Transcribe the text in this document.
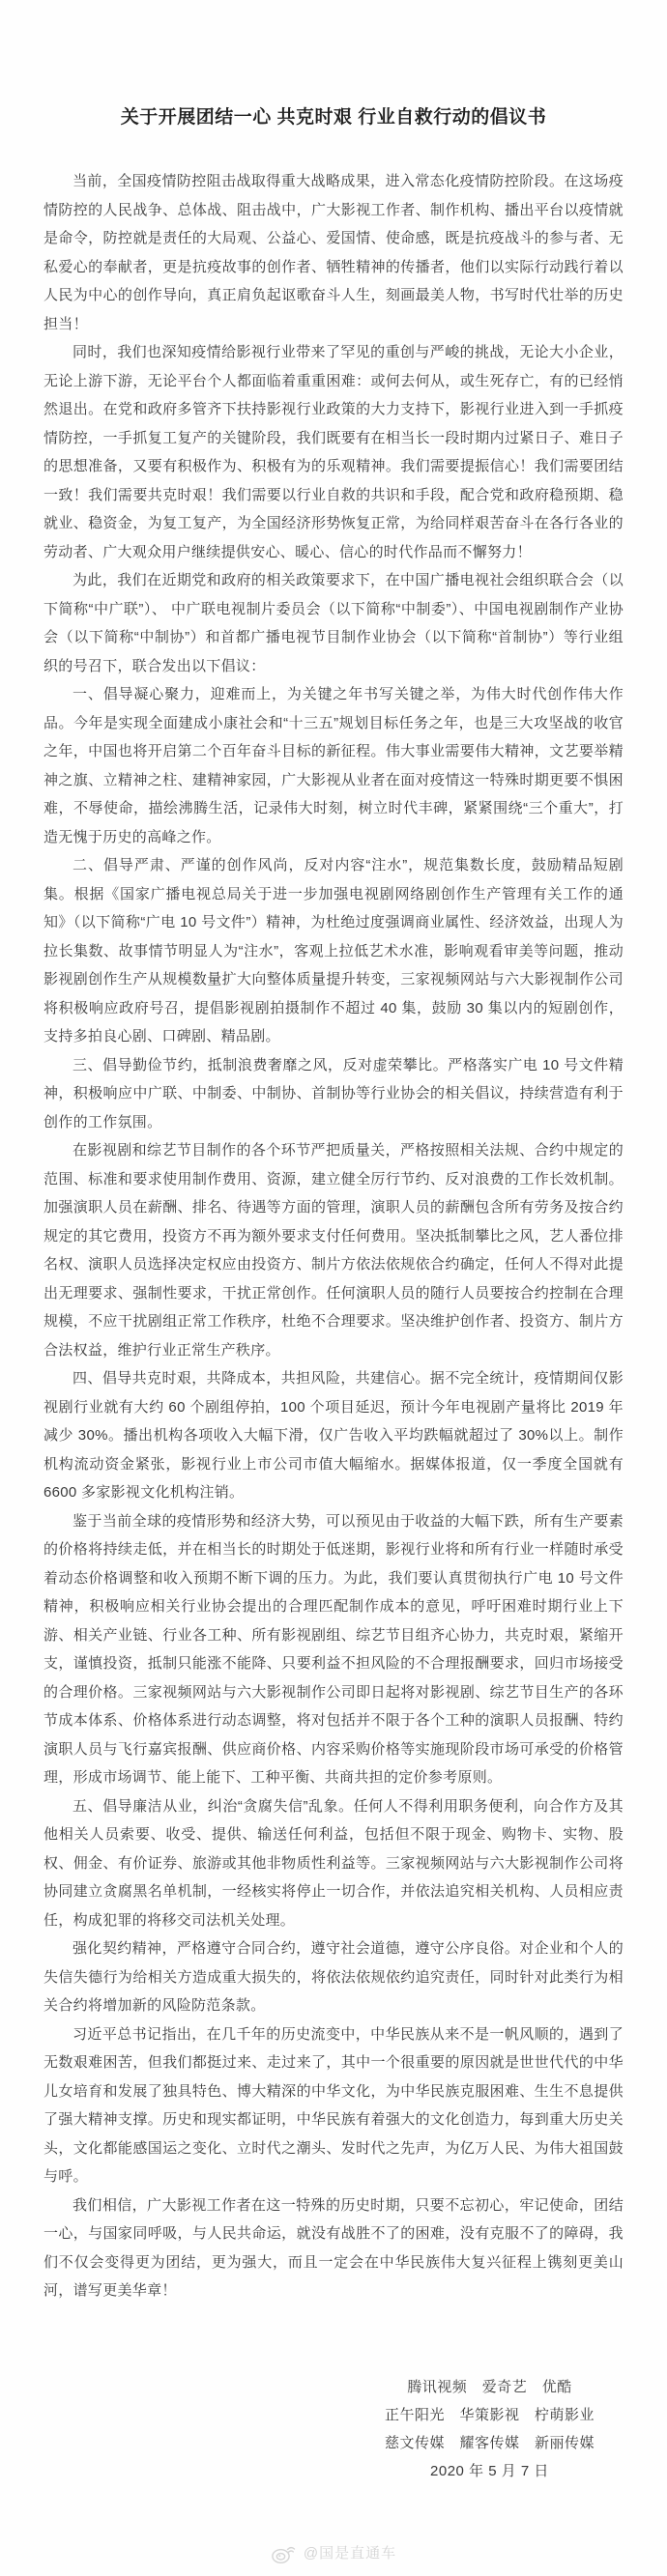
关于开展团结一心 共克时艰 行业自救行动的倡议书

当前，全国疫情防控阻击战取得重大战略成果，进入常态化疫情防控阶段。在这场疫情防控的人民战争、总体战、阻击战中，广大影视工作者、制作机构、播出平台以疫情就是命令，防控就是责任的大局观、公益心、爱国情、使命感，既是抗疫战斗的参与者、无私爱心的奉献者，更是抗疫故事的创作者、牺牲精神的传播者，他们以实际行动践行着以人民为中心的创作导向，真正肩负起讴歌奋斗人生，刻画最美人物，书写时代壮举的历史担当！

同时，我们也深知疫情给影视行业带来了罕见的重创与严峻的挑战，无论大小企业，无论上游下游，无论平台个人都面临着重重困难：或何去何从，或生死存亡，有的已经悄然退出。在党和政府多管齐下扶持影视行业政策的大力支持下，影视行业进入到一手抓疫情防控，一手抓复工复产的关键阶段，我们既要有在相当长一段时期内过紧日子、难日子的思想准备，又要有积极作为、积极有为的乐观精神。我们需要提振信心！我们需要团结一致！我们需要共克时艰！我们需要以行业自救的共识和手段，配合党和政府稳预期、稳就业、稳资金，为复工复产，为全国经济形势恢复正常，为给同样艰苦奋斗在各行各业的劳动者、广大观众用户继续提供安心、暖心、信心的时代作品而不懈努力！

为此，我们在近期党和政府的相关政策要求下，在中国广播电视社会组织联合会（以下简称“中广联”）、 中广联电视制片委员会（以下简称“中制委”）、中国电视剧制作产业协会（以下简称“中制协”）和首都广播电视节目制作业协会（以下简称“首制协”）等行业组织的号召下，联合发出以下倡议：

一、倡导凝心聚力，迎难而上，为关键之年书写关键之举，为伟大时代创作伟大作品。今年是实现全面建成小康社会和“十三五”规划目标任务之年，也是三大攻坚战的收官之年，中国也将开启第二个百年奋斗目标的新征程。伟大事业需要伟大精神，文艺要举精神之旗、立精神之柱、建精神家园，广大影视从业者在面对疫情这一特殊时期更要不惧困难，不辱使命，描绘沸腾生活，记录伟大时刻，树立时代丰碑，紧紧围绕“三个重大”，打造无愧于历史的高峰之作。

二、倡导严肃、严谨的创作风尚，反对内容“注水”，规范集数长度，鼓励精品短剧集。根据《国家广播电视总局关于进一步加强电视剧网络剧创作生产管理有关工作的通知》（以下简称“广电 10 号文件”）精神，为杜绝过度强调商业属性、经济效益，出现人为拉长集数、故事情节明显人为“注水”，客观上拉低艺术水准，影响观看审美等问题，推动影视剧创作生产从规模数量扩大向整体质量提升转变，三家视频网站与六大影视制作公司将积极响应政府号召，提倡影视剧拍摄制作不超过 40 集，鼓励 30 集以内的短剧创作，支持多拍良心剧、口碑剧、精品剧。

三、倡导勤俭节约，抵制浪费奢靡之风，反对虚荣攀比。严格落实广电 10 号文件精神，积极响应中广联、中制委、中制协、首制协等行业协会的相关倡议，持续营造有利于创作的工作氛围。

在影视剧和综艺节目制作的各个环节严把质量关，严格按照相关法规、合约中规定的范围、标准和要求使用制作费用、资源，建立健全厉行节约、反对浪费的工作长效机制。加强演职人员在薪酬、排名、待遇等方面的管理，演职人员的薪酬包含所有劳务及按合约规定的其它费用，投资方不再为额外要求支付任何费用。坚决抵制攀比之风，艺人番位排名权、演职人员选择决定权应由投资方、制片方依法依规依合约确定，任何人不得对此提出无理要求、强制性要求，干扰正常创作。任何演职人员的随行人员要按合约控制在合理规模，不应干扰剧组正常工作秩序，杜绝不合理要求。坚决维护创作者、投资方、制片方合法权益，维护行业正常生产秩序。

四、倡导共克时艰，共降成本，共担风险，共建信心。据不完全统计，疫情期间仅影视剧行业就有大约 60 个剧组停拍，100 个项目延迟，预计今年电视剧产量将比 2019 年减少 30%。播出机构各项收入大幅下滑，仅广告收入平均跌幅就超过了 30%以上。制作机构流动资金紧张，影视行业上市公司市值大幅缩水。据媒体报道，仅一季度全国就有 6600 多家影视文化机构注销。

鉴于当前全球的疫情形势和经济大势，可以预见由于收益的大幅下跌，所有生产要素的价格将持续走低，并在相当长的时期处于低迷期，影视行业将和所有行业一样随时承受着动态价格调整和收入预期不断下调的压力。为此，我们要认真贯彻执行广电 10 号文件精神，积极响应相关行业协会提出的合理匹配制作成本的意见，呼吁困难时期行业上下游、相关产业链、行业各工种、所有影视剧组、综艺节目组齐心协力，共克时艰，紧缩开支，谨慎投资，抵制只能涨不能降、只要利益不担风险的不合理报酬要求，回归市场接受的合理价格。三家视频网站与六大影视制作公司即日起将对影视剧、综艺节目生产的各环节成本体系、价格体系进行动态调整，将对包括并不限于各个工种的演职人员报酬、特约演职人员与飞行嘉宾报酬、供应商价格、内容采购价格等实施现阶段市场可承受的价格管理，形成市场调节、能上能下、工种平衡、共商共担的定价参考原则。

五、倡导廉洁从业，纠治“贪腐失信”乱象。任何人不得利用职务便利，向合作方及其他相关人员索要、收受、提供、输送任何利益，包括但不限于现金、购物卡、实物、股权、佣金、有价证券、旅游或其他非物质性利益等。三家视频网站与六大影视制作公司将协同建立贪腐黑名单机制，一经核实将停止一切合作，并依法追究相关机构、人员相应责任，构成犯罪的将移交司法机关处理。

强化契约精神，严格遵守合同合约，遵守社会道德，遵守公序良俗。对企业和个人的失信失德行为给相关方造成重大损失的，将依法依规依约追究责任，同时针对此类行为相关合约将增加新的风险防范条款。

习近平总书记指出，在几千年的历史流变中，中华民族从来不是一帆风顺的，遇到了无数艰难困苦，但我们都挺过来、走过来了，其中一个很重要的原因就是世世代代的中华儿女培育和发展了独具特色、博大精深的中华文化，为中华民族克服困难、生生不息提供了强大精神支撑。历史和现实都证明，中华民族有着强大的文化创造力，每到重大历史关头，文化都能感国运之变化、立时代之潮头、发时代之先声，为亿万人民、为伟大祖国鼓与呼。

我们相信，广大影视工作者在这一特殊的历史时期，只要不忘初心，牢记使命，团结一心，与国家同呼吸，与人民共命运，就没有战胜不了的困难，没有克服不了的障碍，我们不仅会变得更为团结，更为强大，而且一定会在中华民族伟大复兴征程上镌刻更美山河，谱写更美华章！

腾讯视频　爱奇艺　优酷

正午阳光　华策影视　柠萌影业

慈文传媒　耀客传媒　新丽传媒

2020 年 5 月 7 日

@国是直通车
